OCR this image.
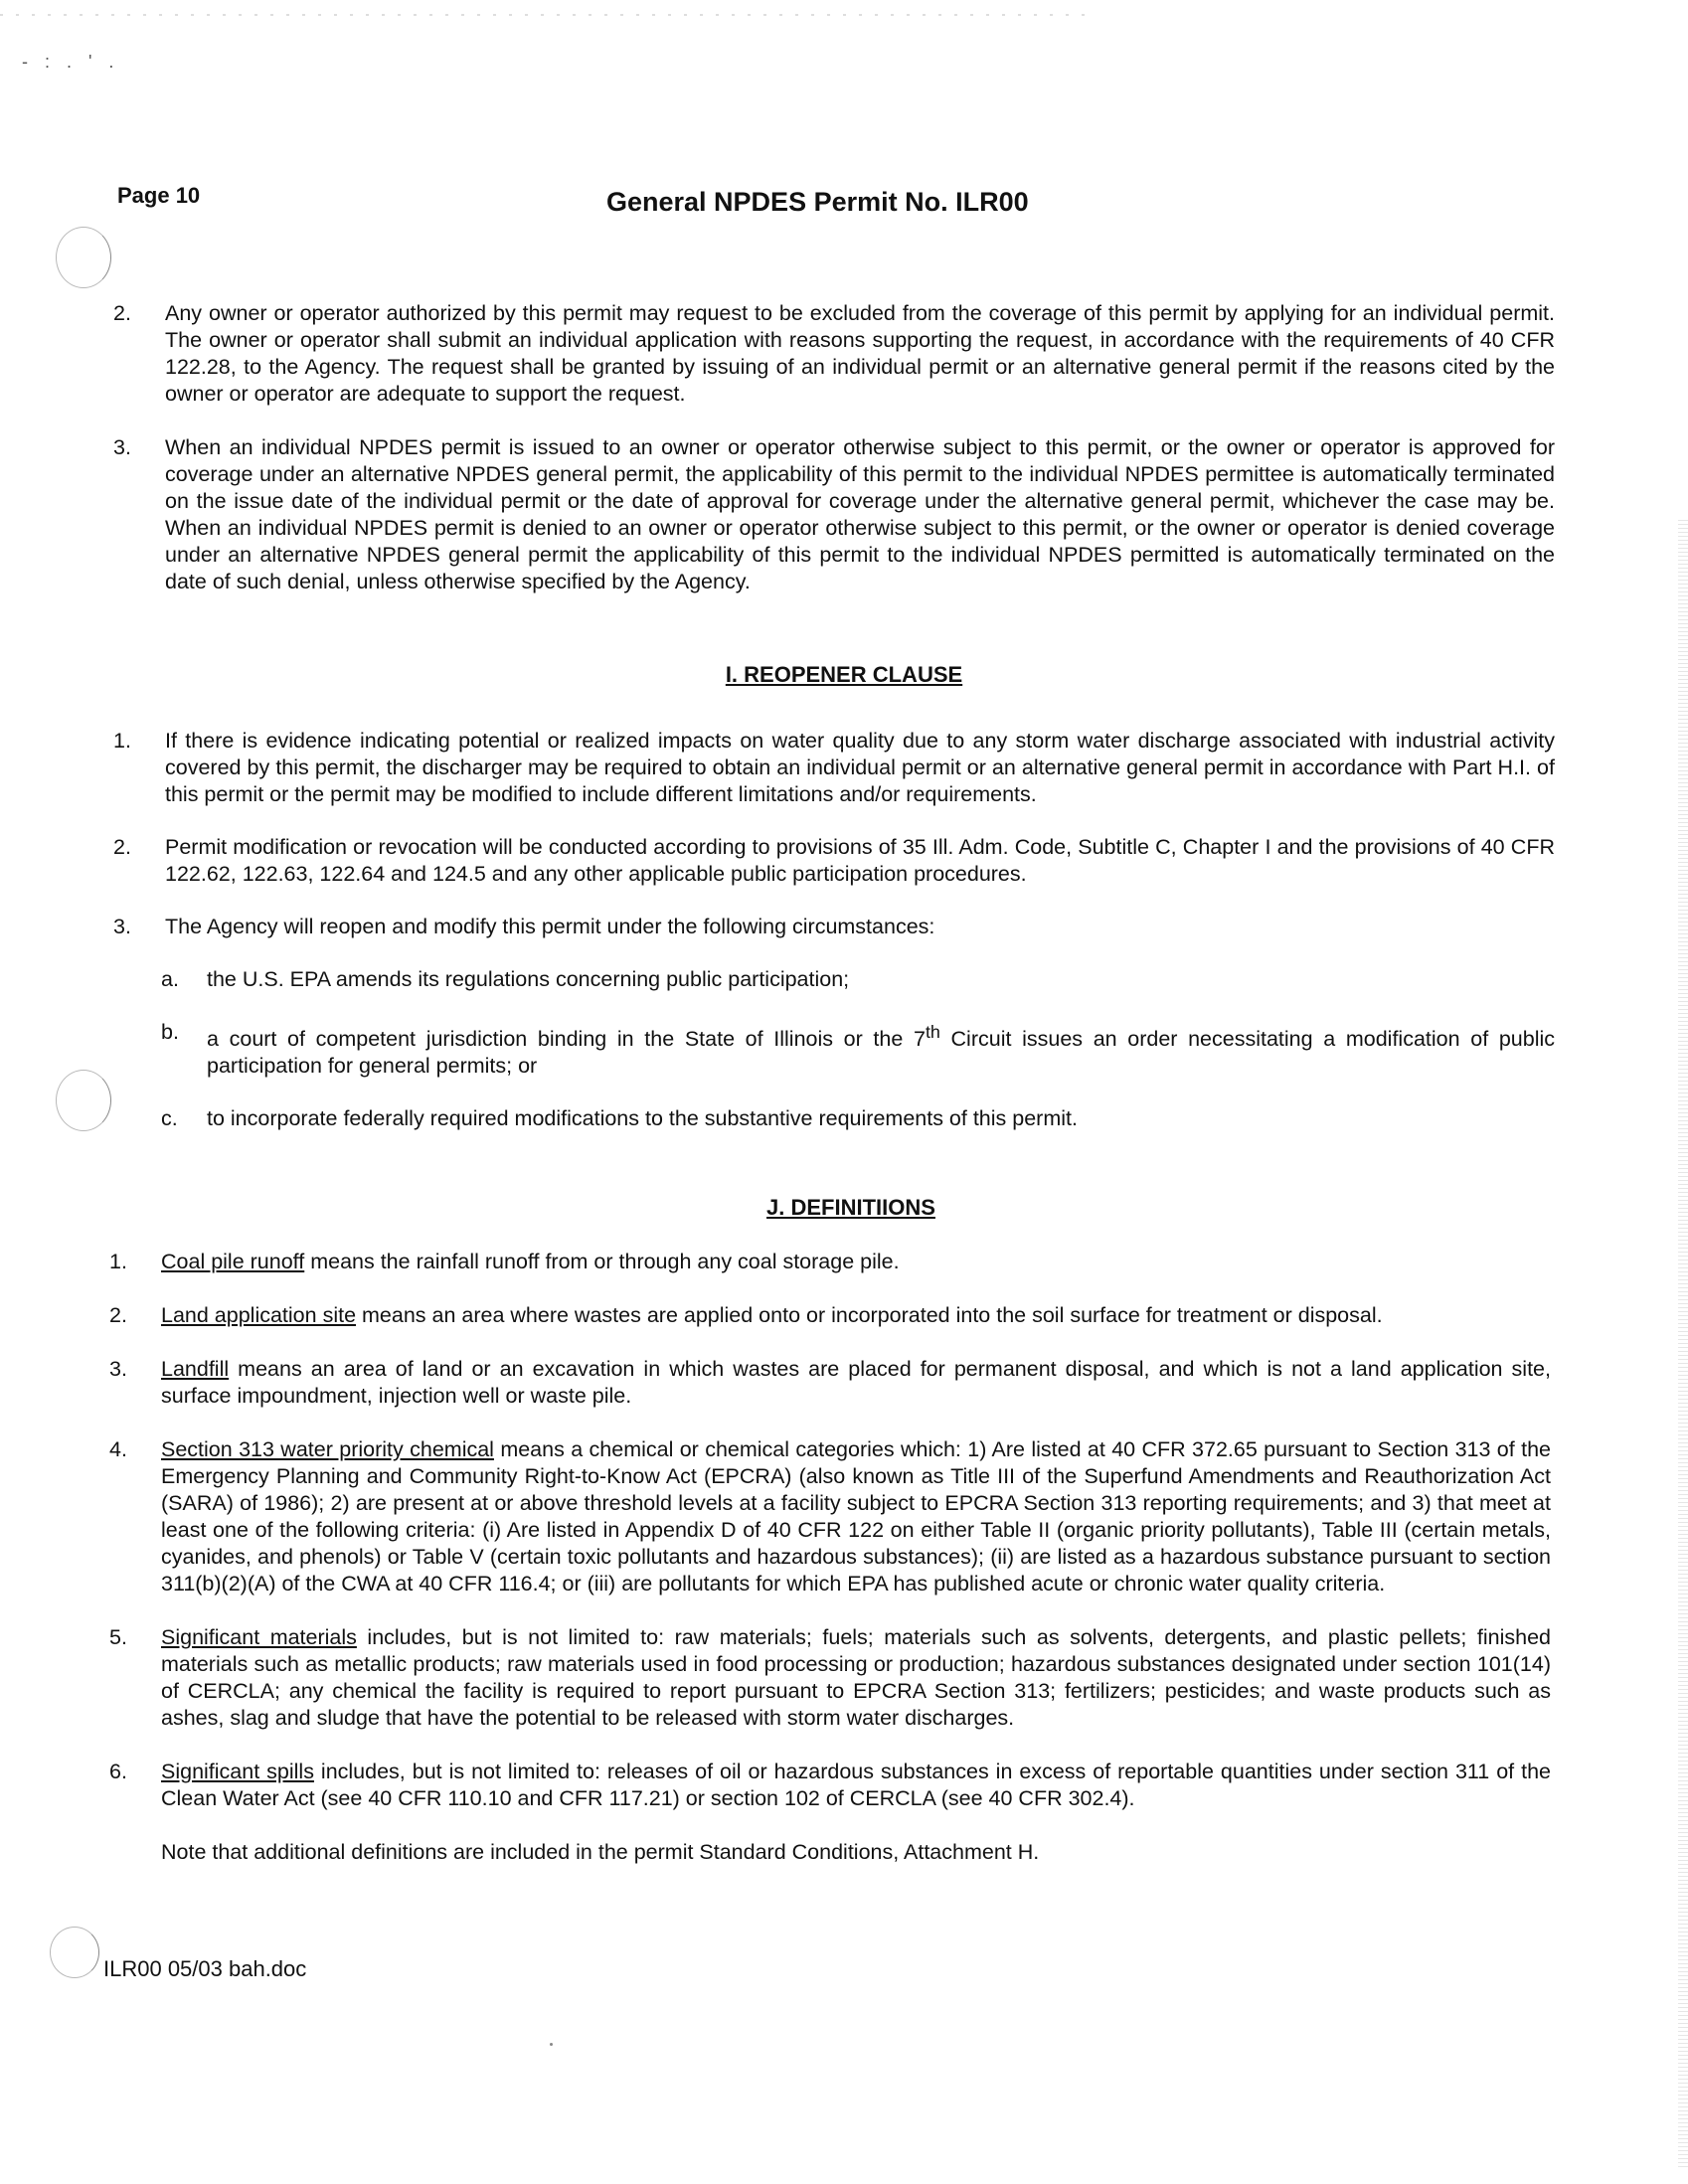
- : . ' .
Page 10	General NPDES Permit No. ILR00

2. Any owner or operator authorized by this permit may request to be excluded from the coverage of this permit by applying for an individual permit. The owner or operator shall submit an individual application with reasons supporting the request, in accordance with the requirements of 40 CFR 122.28, to the Agency. The request shall be granted by issuing of an individual permit or an alternative general permit if the reasons cited by the owner or operator are adequate to support the request.

3. When an individual NPDES permit is issued to an owner or operator otherwise subject to this permit, or the owner or operator is approved for coverage under an alternative NPDES general permit, the applicability of this permit to the individual NPDES permittee is automatically terminated on the issue date of the individual permit or the date of approval for coverage under the alternative general permit, whichever the case may be. When an individual NPDES permit is denied to an owner or operator otherwise subject to this permit, or the owner or operator is denied coverage under an alternative NPDES general permit the applicability of this permit to the individual NPDES permitted is automatically terminated on the date of such denial, unless otherwise specified by the Agency.

I. REOPENER CLAUSE

1. If there is evidence indicating potential or realized impacts on water quality due to any storm water discharge associated with industrial activity covered by this permit, the discharger may be required to obtain an individual permit or an alternative general permit in accordance with Part H.I. of this permit or the permit may be modified to include different limitations and/or requirements.

2. Permit modification or revocation will be conducted according to provisions of 35 Ill. Adm. Code, Subtitle C, Chapter I and the provisions of 40 CFR 122.62, 122.63, 122.64 and 124.5 and any other applicable public participation procedures.

3. The Agency will reopen and modify this permit under the following circumstances:

a. the U.S. EPA amends its regulations concerning public participation;

b. a court of competent jurisdiction binding in the State of Illinois or the 7th Circuit issues an order necessitating a modification of public participation for general permits; or

c. to incorporate federally required modifications to the substantive requirements of this permit.

J. DEFINITIIONS

1. Coal pile runoff means the rainfall runoff from or through any coal storage pile.

2. Land application site means an area where wastes are applied onto or incorporated into the soil surface for treatment or disposal.

3. Landfill means an area of land or an excavation in which wastes are placed for permanent disposal, and which is not a land application site, surface impoundment, injection well or waste pile.

4. Section 313 water priority chemical means a chemical or chemical categories which: 1) Are listed at 40 CFR 372.65 pursuant to Section 313 of the Emergency Planning and Community Right-to-Know Act (EPCRA) (also known as Title III of the Superfund Amendments and Reauthorization Act (SARA) of 1986); 2) are present at or above threshold levels at a facility subject to EPCRA Section 313 reporting requirements; and 3) that meet at least one of the following criteria: (i) Are listed in Appendix D of 40 CFR 122 on either Table II (organic priority pollutants), Table III (certain metals, cyanides, and phenols) or Table V (certain toxic pollutants and hazardous substances); (ii) are listed as a hazardous substance pursuant to section 311(b)(2)(A) of the CWA at 40 CFR 116.4; or (iii) are pollutants for which EPA has published acute or chronic water quality criteria.

5. Significant materials includes, but is not limited to: raw materials; fuels; materials such as solvents, detergents, and plastic pellets; finished materials such as metallic products; raw materials used in food processing or production; hazardous substances designated under section 101(14) of CERCLA; any chemical the facility is required to report pursuant to EPCRA Section 313; fertilizers; pesticides; and waste products such as ashes, slag and sludge that have the potential to be released with storm water discharges.

6. Significant spills includes, but is not limited to: releases of oil or hazardous substances in excess of reportable quantities under section 311 of the Clean Water Act (see 40 CFR 110.10 and CFR 117.21) or section 102 of CERCLA (see 40 CFR 302.4).

Note that additional definitions are included in the permit Standard Conditions, Attachment H.

ILR00 05/03 bah.doc
